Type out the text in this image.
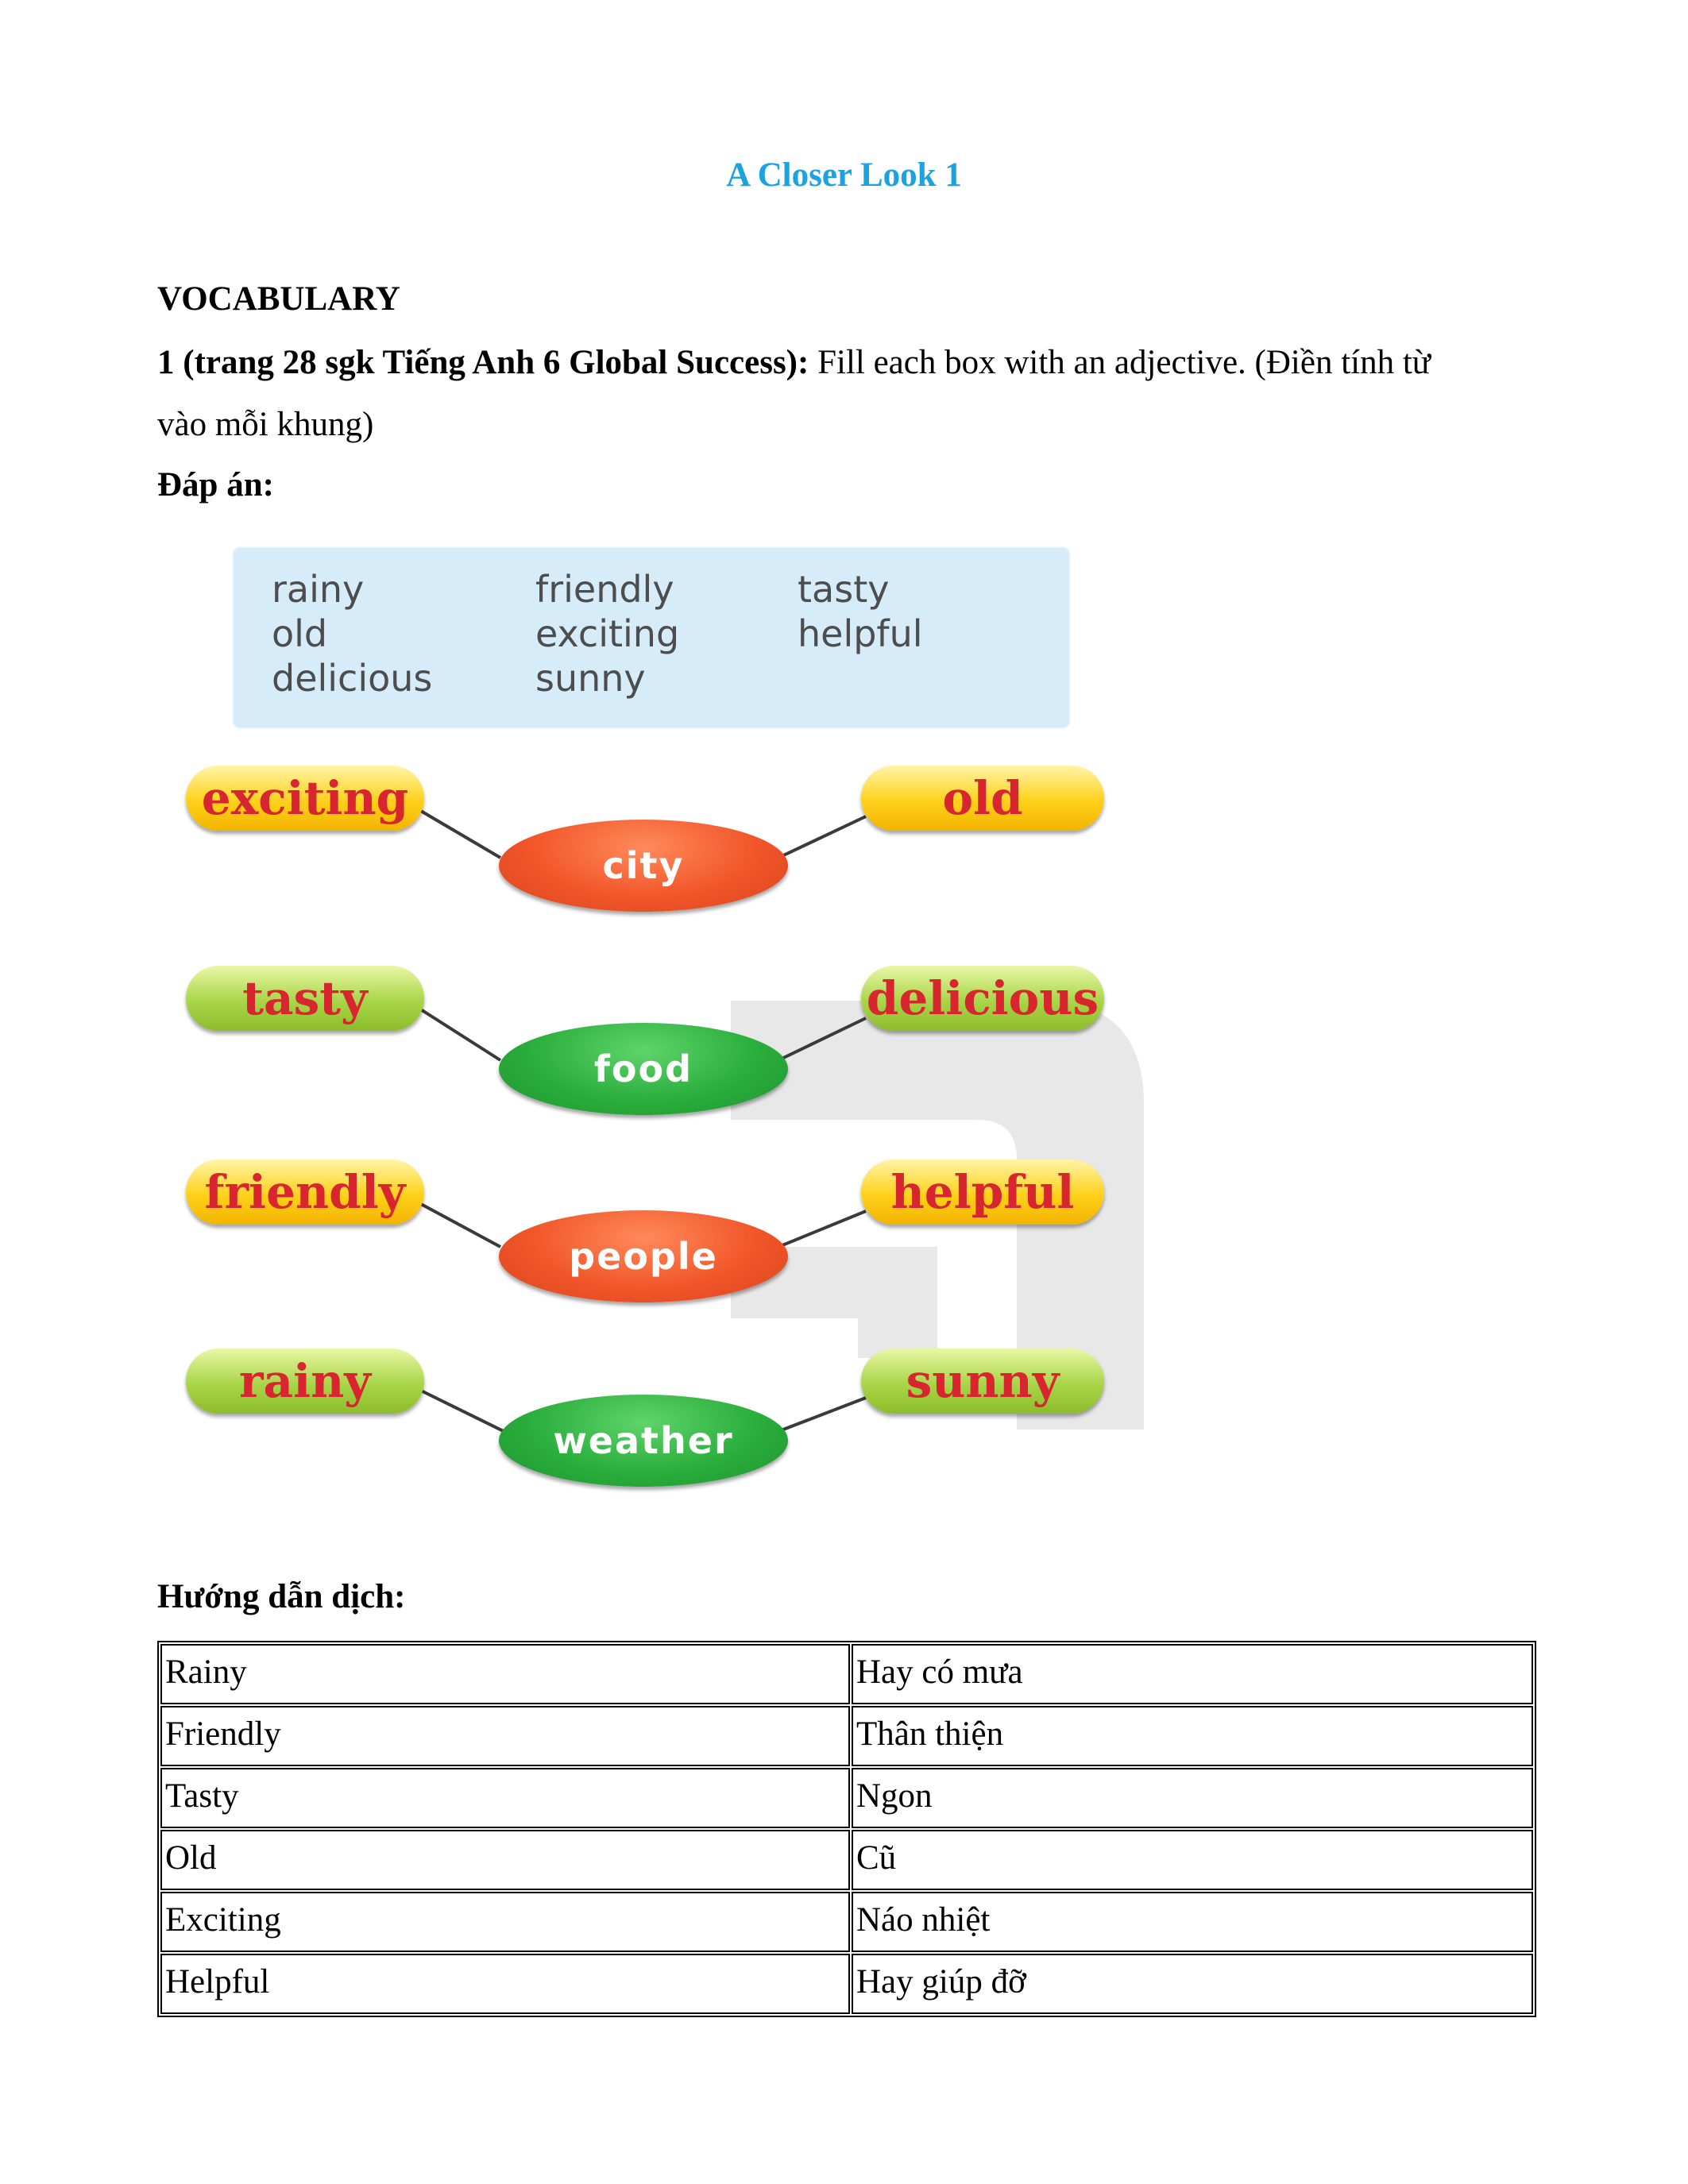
A Closer Look 1
VOCABULARY
1 (trang 28 sgk Tiếng Anh 6 Global Success): Fill each box with an adjective. (Điền tính từ
vào mỗi khung)
Đáp án:
rainy
old
delicious
friendly
exciting
sunny
tasty
helpful
exciting	old
city
tasty	delicious
food
friendly	helpful
people
rainy	sunny
weather
Hướng dẫn dịch:
Rainy	Hay có mưa
Friendly	Thân thiện
Tasty	Ngon
Old	Cũ
Exciting	Náo nhiệt
Helpful	Hay giúp đỡ
